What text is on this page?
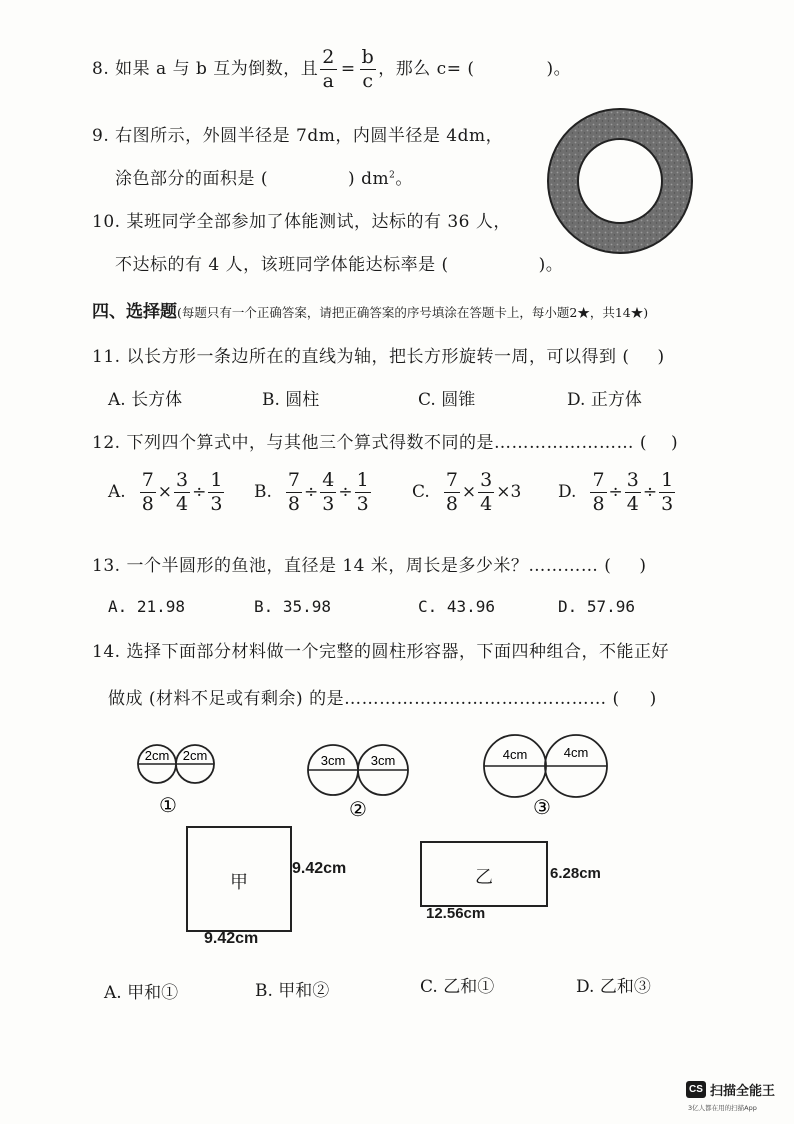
8. 如果 a 与 b 互为倒数，且 $\frac{2}{a} = \frac{b}{c}$ ，那么 c= (	)。
9. 右图所示，外圆半径是 7dm，内圆半径是 4dm，
涂色部分的面积是 (	) $dm^2$。
10. 某班同学全部参加了体能测试，达标的有 36 人，
不达标的有 4 人，该班同学体能达标率是 (	)。
四、选择题(每题只有一个正确答案，请把正确答案的序号填涂在答题卡上，每小题2★，共14★)
11. 以长方形一条边所在的直线为轴，把长方形旋转一周，可以得到 ( )
A. 长方体	B. 圆柱	C. 圆锥	D. 正方体
12. 下列四个算式中，与其他三个算式得数不同的是…………………… ( )
A. $\frac{7}{8} \times \frac{3}{4} \div \frac{1}{3} B$. $\frac{7}{8} \div \frac{4}{3} \div \frac{1}{3} C$. $\frac{7}{8} \times \frac{3}{4} \times 3$ D. $\frac{7}{8} \div \frac{3}{4} \div \frac{1}{3}$
13. 一个半圆形的鱼池，直径是 14 米，周长是多少米？………… ( )
A. 21.98	B. 35.98	C. 43.96	D. 57.96
14. 选择下面部分材料做一个完整的圆柱形容器，下面四种组合，不能正好
做成 (材料不足或有剩余) 的是……………………………………… ( )
2cm 2cm
①
3cm 3cm
②
4cm	4cm
③
甲
9.42cm
9.42cm
乙	6.28cm
12.56cm
A. 甲和①	B. 甲和②	C. 乙和①	D. 乙和③
CS 扫描全能王
3亿人都在用的扫描App
